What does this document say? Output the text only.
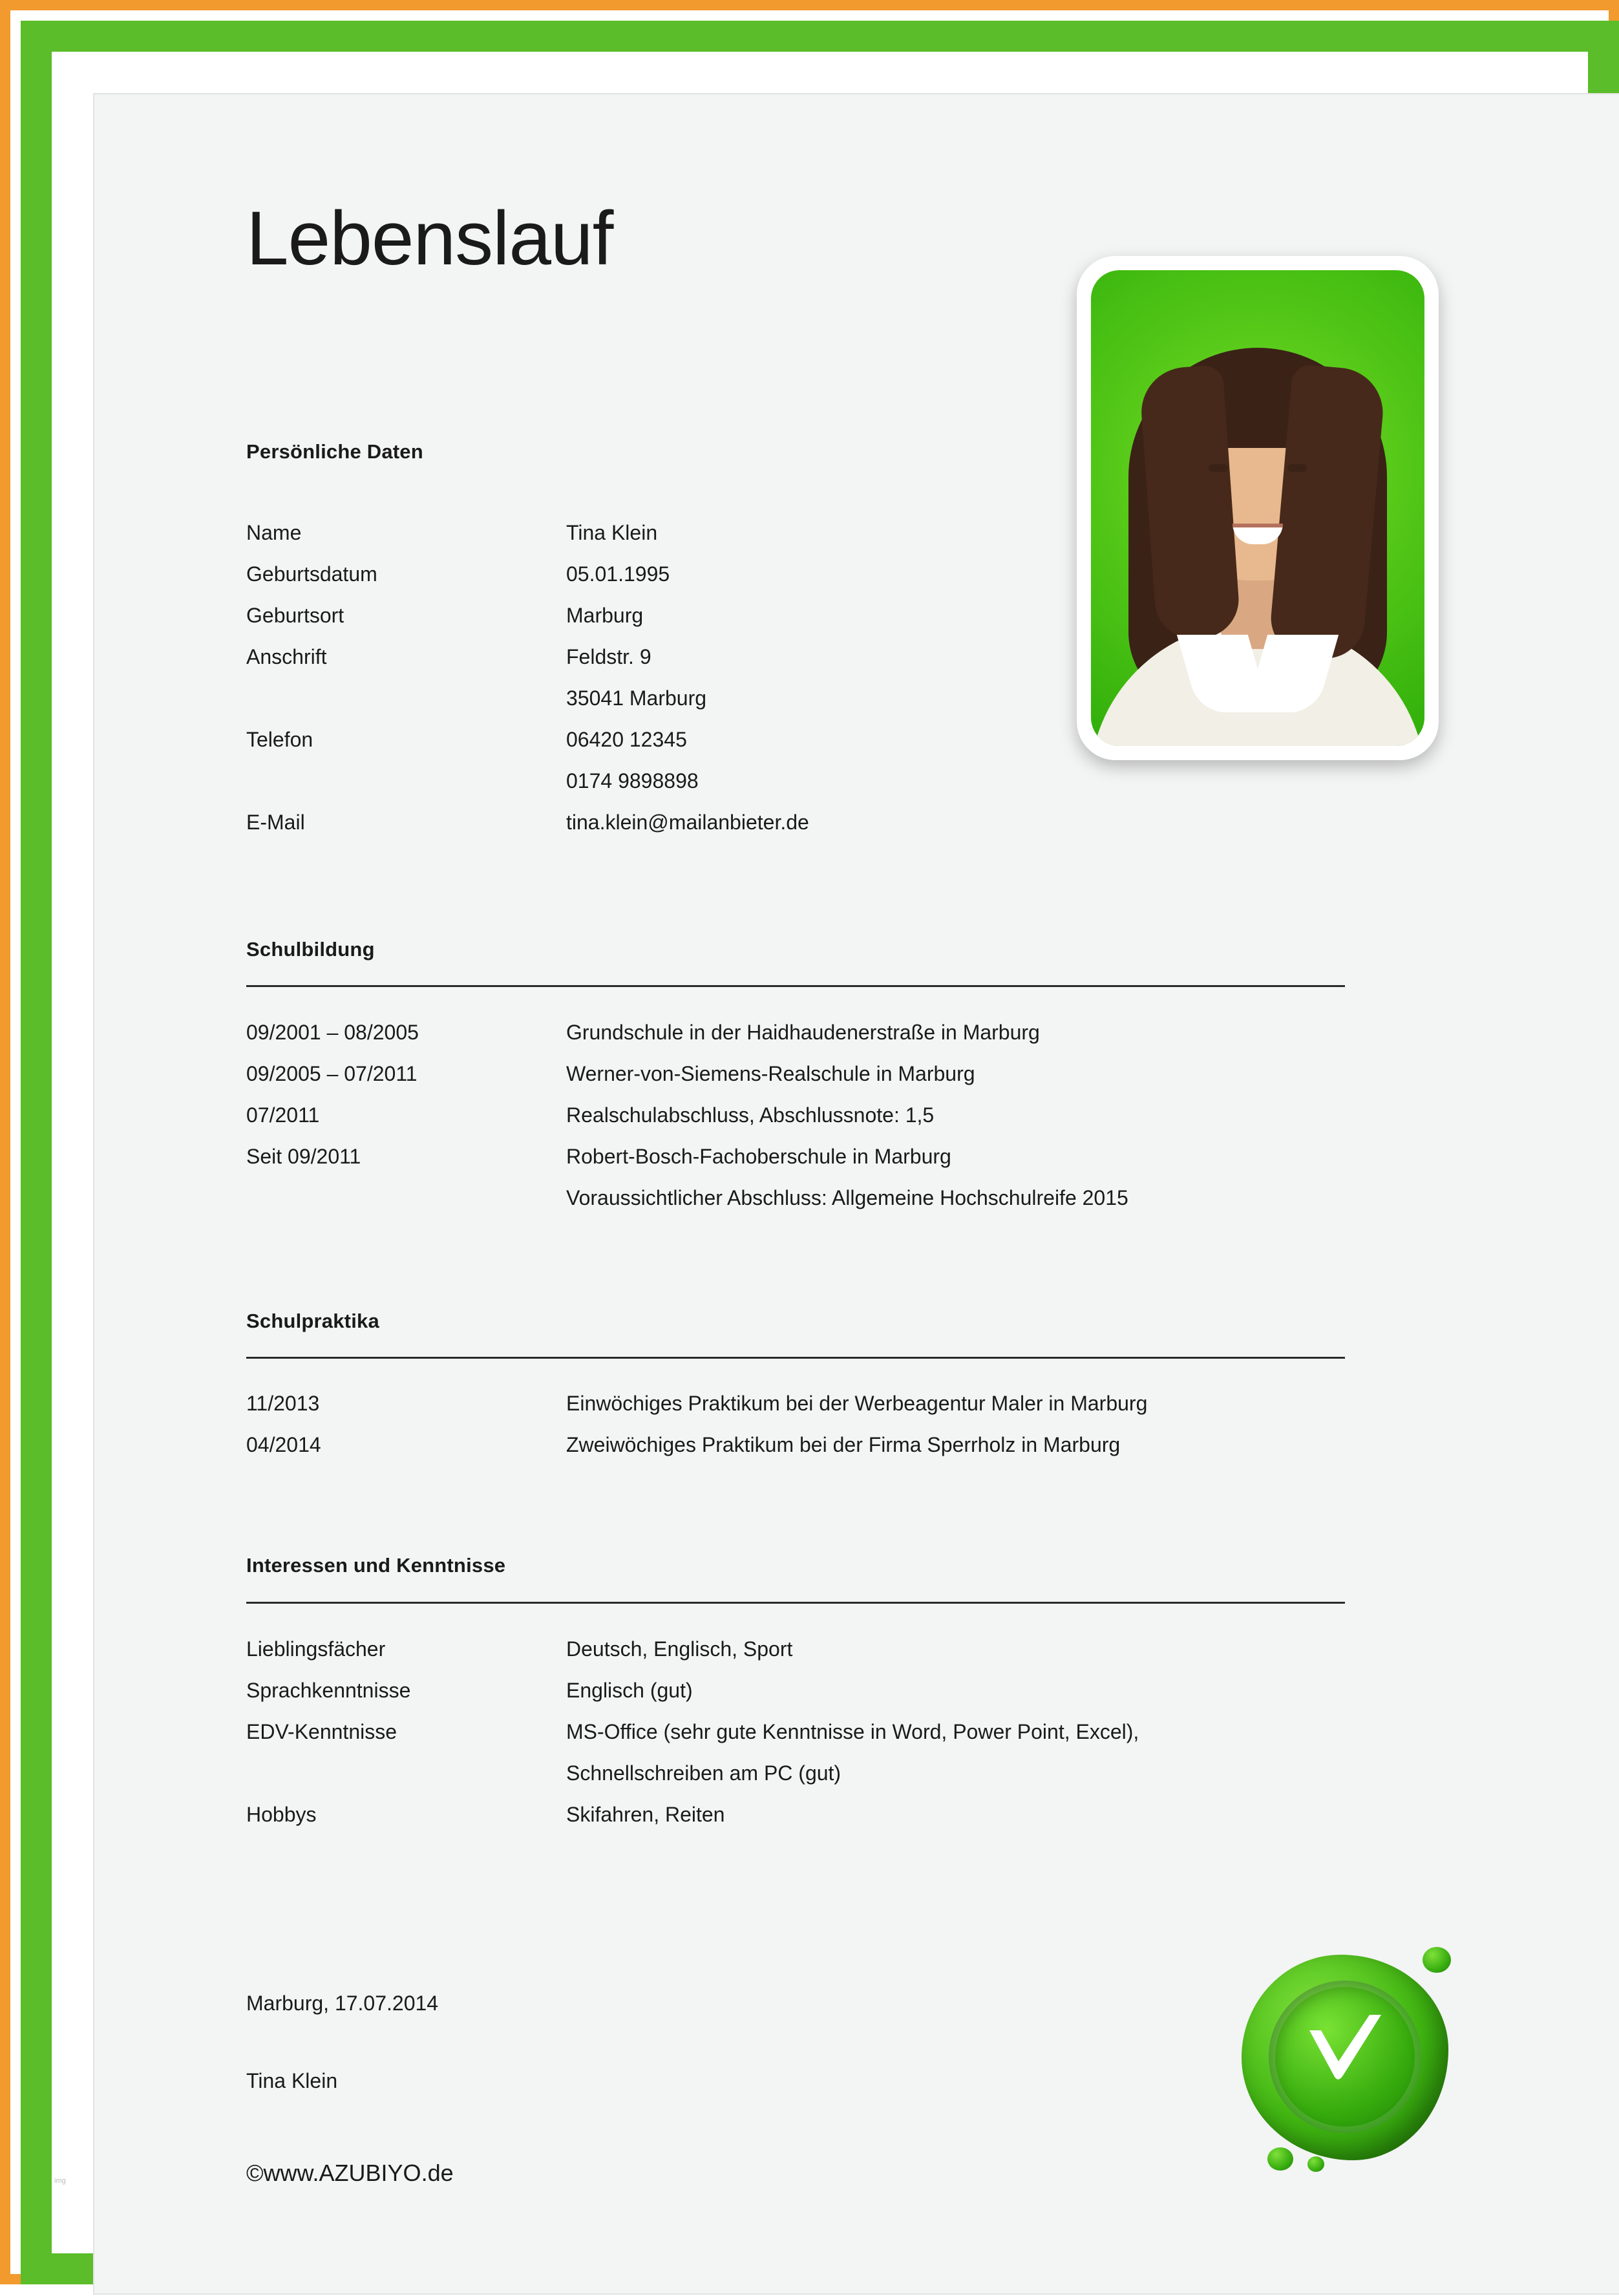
Lebenslauf
Persönliche Daten
Name	Tina Klein
Geburtsdatum	05.01.1995
Geburtsort	Marburg
Anschrift	Feldstr. 9
35041 Marburg
Telefon	06420 12345
0174 9898898
E-Mail	tina.klein@mailanbieter.de
Schulbildung
09/2001 – 08/2005	Grundschule in der Haidhaudenerstraße in Marburg
09/2005 – 07/2011	Werner-von-Siemens-Realschule in Marburg
07/2011	Realschulabschluss, Abschlussnote: 1,5
Seit 09/2011	Robert-Bosch-Fachoberschule in Marburg
Voraussichtlicher Abschluss: Allgemeine Hochschulreife 2015
Schulpraktika
11/2013	Einwöchiges Praktikum bei der Werbeagentur Maler in Marburg
04/2014	Zweiwöchiges Praktikum bei der Firma Sperrholz in Marburg
Interessen und Kenntnisse
Lieblingsfächer	Deutsch, Englisch, Sport
Sprachkenntnisse	Englisch (gut)
EDV-Kenntnisse	MS-Office (sehr gute Kenntnisse in Word, Power Point, Excel),
Schnellschreiben am PC (gut)
Hobbys	Skifahren, Reiten
Marburg, 17.07.2014
Tina Klein
©www.AZUBIYO.de
img
